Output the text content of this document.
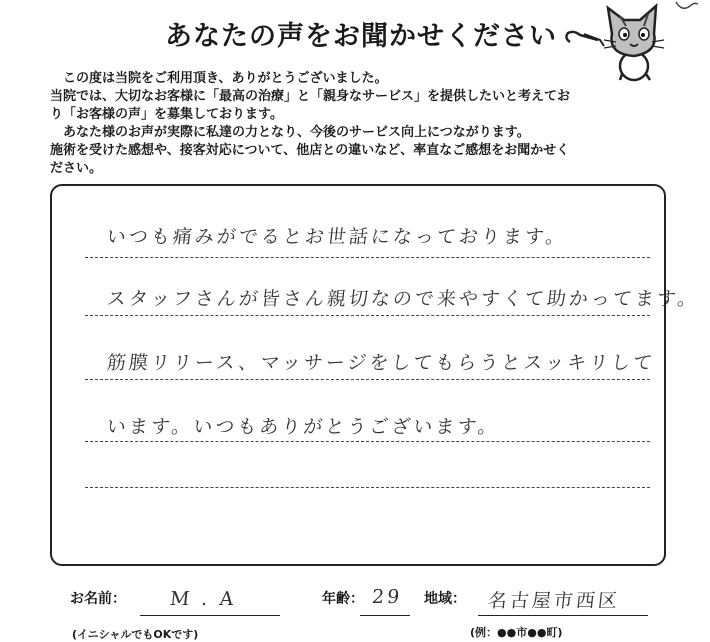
あなたの声をお聞かせください

　この度は当院をご利用頂き、ありがとうございました。

当院では、大切なお客様に「最高の治療」と「親身なサービス」を提供したいと考えてお

り「お客様の声」を募集しております。

　あなた様のお声が実際に私達の力となり、今後のサービス向上につながります。

施術を受けた感想や、接客対応について、他店との違いなど、率直なご感想をお聞かせく

ださい。

いつも痛みがでるとお世話になっております。
スタッフさんが皆さん親切なので来やすくて助かってます。
筋膜リリース、マッサージをしてもらうとスッキリして
います。いつもありがとうございます。
お名前： M . A
(イニシャルでもOKです)
年齢： 29 地域： 名古屋市西区
(例：●●市●●町)
